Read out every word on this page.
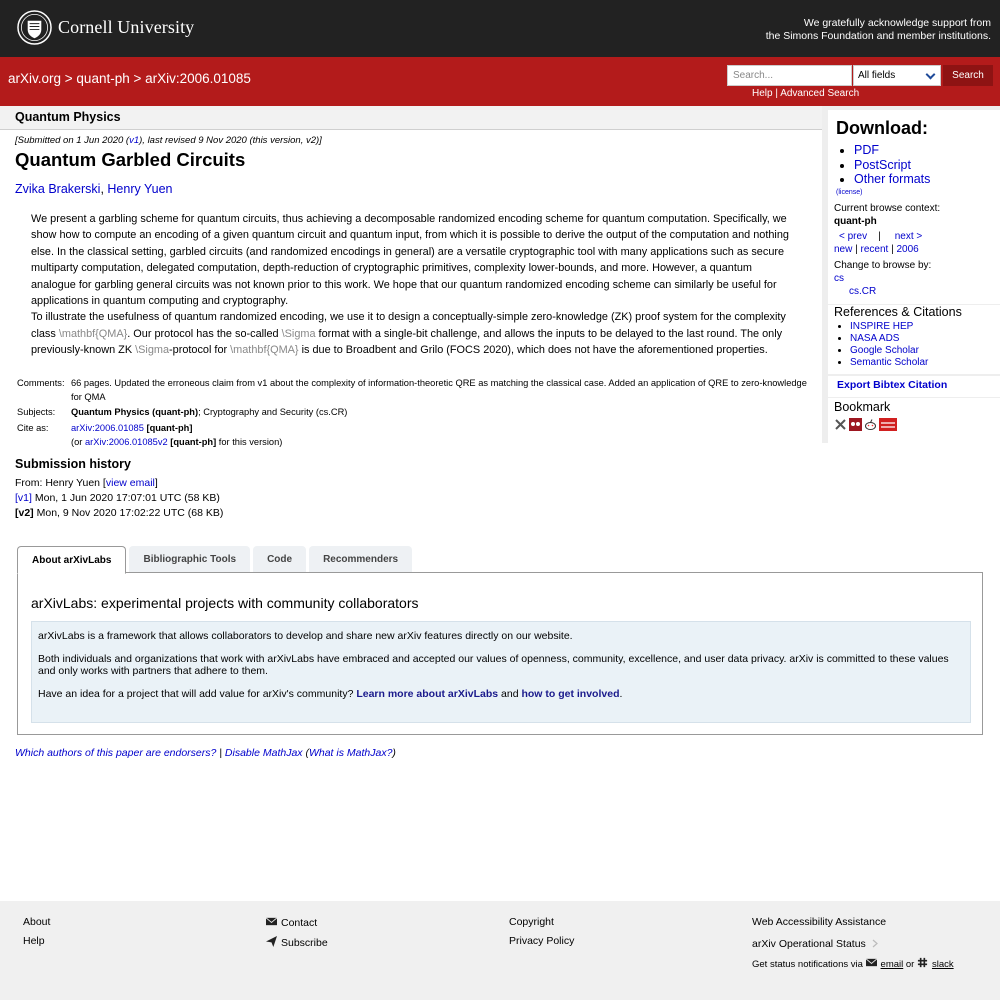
Cornell University	We gratefully acknowledge support from
the Simons Foundation and member institutions.
arXiv.org > quant-ph > arXiv:2006.01085
Search...	All fields	Search
Help | Advanced Search
Quantum Physics
[Submitted on 1 Jun 2020 (v1), last revised 9 Nov 2020 (this version, v2)]
Quantum Garbled Circuits
Zvika Brakerski, Henry Yuen

We present a garbling scheme for quantum circuits, thus achieving a decomposable randomized encoding scheme for quantum computation. Specifically, we show how to compute an encoding of a given quantum circuit and quantum input, from which it is possible to derive the output of the computation and nothing else. In the classical setting, garbled circuits (and randomized encodings in general) are a versatile cryptographic tool with many applications such as secure multiparty computation, delegated computation, depth-reduction of cryptographic primitives, complexity lower-bounds, and more. However, a quantum analogue for garbling general circuits was not known prior to this work. We hope that our quantum randomized encoding scheme can similarly be useful for applications in quantum computing and cryptography.

To illustrate the usefulness of quantum randomized encoding, we use it to design a conceptually-simple zero-knowledge (ZK) proof system for the complexity class \mathbf{QMA}. Our protocol has the so-called \Sigma format with a single-bit challenge, and allows the inputs to be delayed to the last round. The only previously-known ZK \Sigma-protocol for \mathbf{QMA} is due to Broadbent and Grilo (FOCS 2020), which does not have the aforementioned properties.

Comments: 66 pages. Updated the erroneous claim from v1 about the complexity of information-theoretic QRE as matching the classical case. Added an application of QRE to zero-knowledge for QMA
Subjects:	Quantum Physics (quant-ph); Cryptography and Security (cs.CR)
Cite as:	arXiv:2006.01085 [quant-ph]
(or arXiv:2006.01085v2 [quant-ph] for this version)
Submission history
From: Henry Yuen [view email]
[v1] Mon, 1 Jun 2020 17:07:01 UTC (58 KB)
[v2] Mon, 9 Nov 2020 17:02:22 UTC (68 KB)
Download:
• PDF
• PostScript
• Other formats
(license)
Current browse context:
quant-ph
< prev | next >
new | recent | 2006
Change to browse by:
cs
cs.CR
References & Citations
• INSPIRE HEP
• NASA ADS
• Google Scholar
• Semantic Scholar
Export Bibtex Citation
Bookmark
About arXivLabs	Bibliographic Tools	Code	Recommenders
arXivLabs: experimental projects with community collaborators

arXivLabs is a framework that allows collaborators to develop and share new arXiv features directly on our website.

Both individuals and organizations that work with arXivLabs have embraced and accepted our values of openness, community, excellence, and user data privacy. arXiv is committed to these values and only works with partners that adhere to them.

Have an idea for a project that will add value for arXiv's community? Learn more about arXivLabs and how to get involved.

Which authors of this paper are endorsers? | Disable MathJax (What is MathJax?)
About
Help
Contact
Subscribe
Copyright
Privacy Policy
Web Accessibility Assistance
arXiv Operational Status
Get status notifications via email or slack
